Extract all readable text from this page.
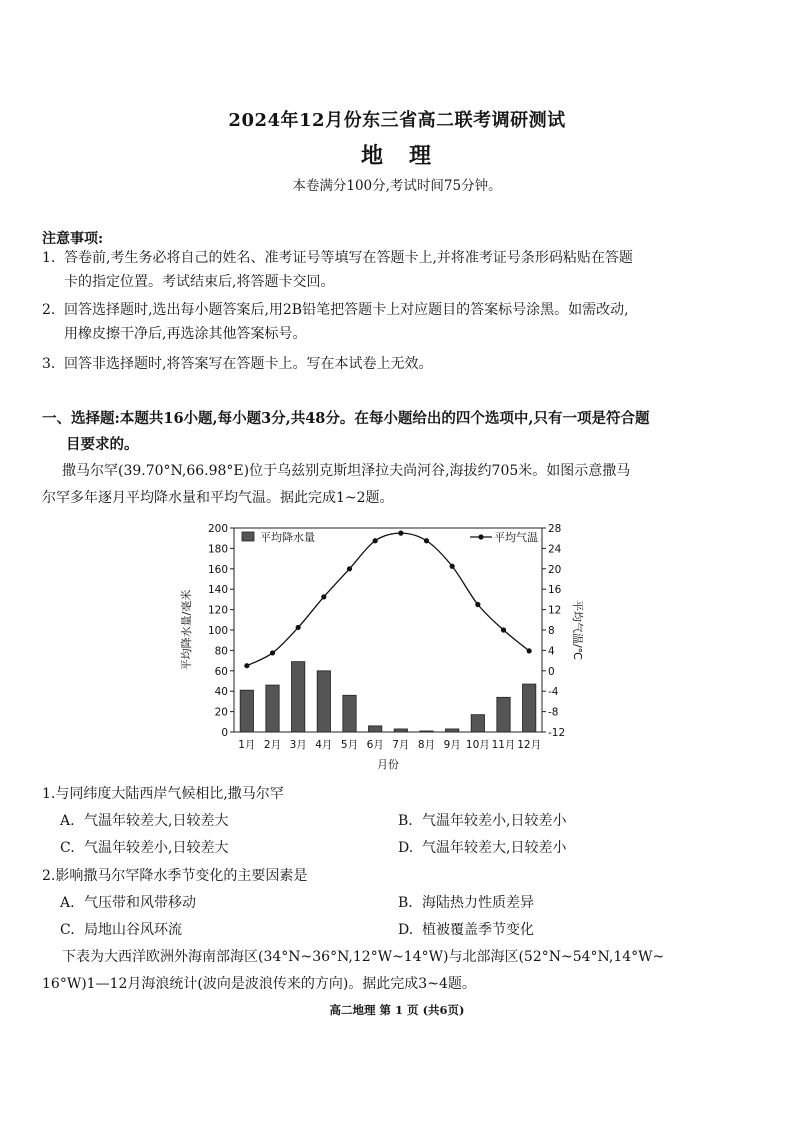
2024年12月份东三省高二联考调研测试
地 理
本卷满分100分,考试时间75分钟。
注意事项:
1. 答卷前,考生务必将自己的姓名、准考证号等填写在答题卡上,并将准考证号条形码粘贴在答题
卡的指定位置。考试结束后,将答题卡交回。
2. 回答选择题时,选出每小题答案后,用2B铅笔把答题卡上对应题目的答案标号涂黑。如需改动,
用橡皮擦干净后,再选涂其他答案标号。
3. 回答非选择题时,将答案写在答题卡上。写在本试卷上无效。
一、选择题:本题共16小题,每小题3分,共48分。在每小题给出的四个选项中,只有一项是符合题
目要求的。
撒马尔罕(39.70°N,66.98°E)位于乌兹别克斯坦泽拉夫尚河谷,海拔约705米。如图示意撒马
尔罕多年逐月平均降水量和平均气温。据此完成1~2题。
200
180
160
140
120
100
80
60
40
20
0
28
24
20
16
12
8
4
0
-4
-8
-12
1月 2月 3月 4月 5月 6月 7月 8月 9月 10月 11月 12月
平均降水量	平均气温
平均降水量/毫米	平均气温/℃
月份
1.与同纬度大陆西岸气候相比,撒马尔罕
A. 气温年较差大,日较差大	B. 气温年较差小,日较差小
C. 气温年较差小,日较差大	D. 气温年较差大,日较差小
2.影响撒马尔罕降水季节变化的主要因素是
A. 气压带和风带移动	B. 海陆热力性质差异
C. 局地山谷风环流	D. 植被覆盖季节变化
下表为大西洋欧洲外海南部海区(34°N~36°N,12°W~14°W)与北部海区(52°N~54°N,14°W~
16°W)1—12月海浪统计(波向是波浪传来的方向)。据此完成3~4题。
高二地理 第 1 页 (共6页)
